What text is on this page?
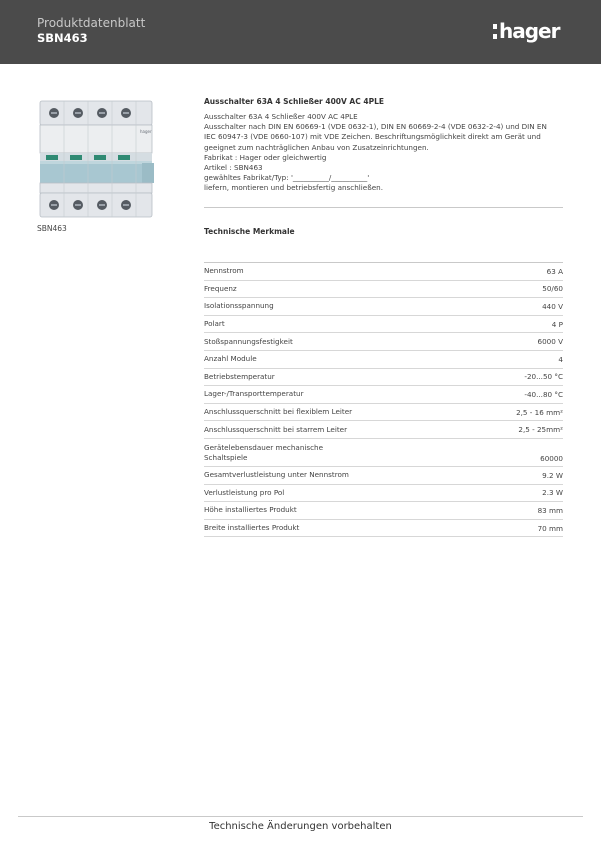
Produktdatenblatt
SBN463	hager
hager
SBN463
Ausschalter 63A 4 Schließer 400V AC 4PLE
Ausschalter 63A 4 Schließer 400V AC 4PLE
Ausschalter nach DIN EN 60669-1 (VDE 0632-1), DIN EN 60669-2-4 (VDE 0632-2-4) und DIN EN
IEC 60947-3 (VDE 0660-107) mit VDE Zeichen. Beschriftungsmöglichkeit direkt am Gerät und
geeignet zum nachträglichen Anbau von Zusatzeinrichtungen.
Fabrikat : Hager oder gleichwertig
Artikel : SBN463
gewähltes Fabrikat/Typ: '__________/__________'
liefern, montieren und betriebsfertig anschließen.
Technische Merkmale
Nennstrom	63 A
Frequenz	50/60
Isolationsspannung	440 V
Polart	4 P
Stoßspannungsfestigkeit	6000 V
Anzahl Module	4
Betriebstemperatur	-20...50 °C
Lager-/Transporttemperatur	-40...80 °C
Anschlussquerschnitt bei flexiblem Leiter	2,5 - 16 mm²
Anschlussquerschnitt bei starrem Leiter	2,5 - 25mm²
Gerätelebensdauer mechanische Schaltspiele	60000
Gesamtverlustleistung unter Nennstrom	9.2 W
Verlustleistung pro Pol	2.3 W
Höhe installiertes Produkt	83 mm
Breite installiertes Produkt	70 mm
Technische Änderungen vorbehalten
